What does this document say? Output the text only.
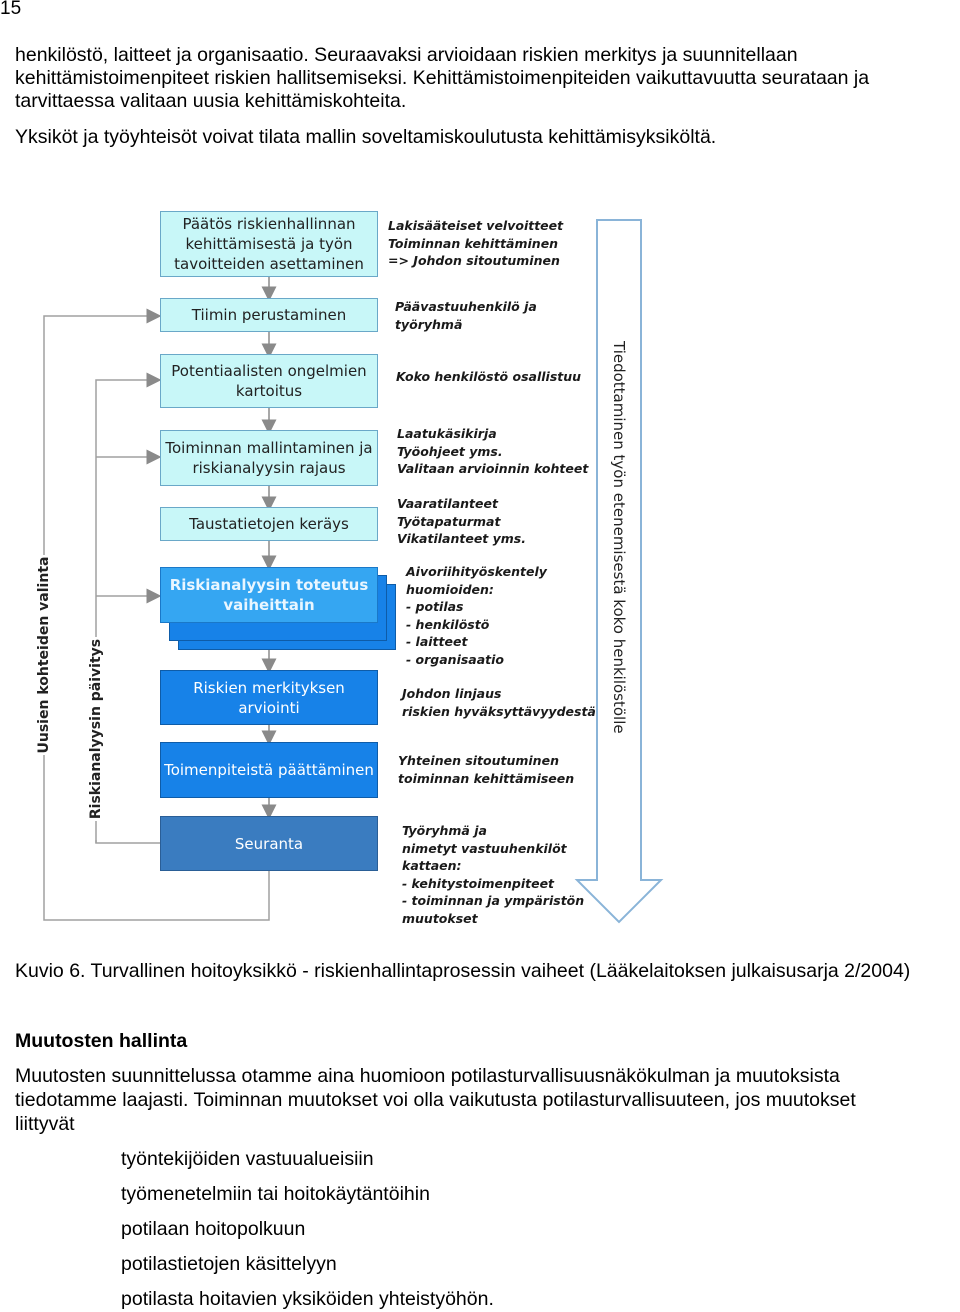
15
henkilöstö, laitteet ja organisaatio. Seuraavaksi arvioidaan riskien merkitys ja suunnitellaan
kehittämistoimenpiteet riskien hallitsemiseksi. Kehittämistoimenpiteiden vaikuttavuutta seurataan ja
tarvittaessa valitaan uusia kehittämiskohteita.
Yksiköt ja työyhteisöt voivat tilata mallin soveltamiskoulutusta kehittämisyksiköltä.
Päätös riskienhallinnan
kehittämisestä ja työn
tavoitteiden asettaminen
Tiimin perustaminen
Potentiaalisten ongelmien
kartoitus
Toiminnan mallintaminen ja
riskianalyysin rajaus
Taustatietojen keräys
Riskianalyysin toteutus
vaiheittain
Riskien merkityksen arviointi
Toimenpiteistä päättäminen
Seuranta
Lakisääteiset velvoitteet
Toiminnan kehittäminen
=> Johdon sitoutuminen
Päävastuuhenkilö ja
työryhmä
Koko henkilöstö osallistuu
Laatukäsikirja
Työohjeet yms.
Valitaan arvioinnin kohteet
Vaaratilanteet
Työtapaturmat
Vikatilanteet yms.
Aivoriihityöskentely
huomioiden:
- potilas
- henkilöstö
- laitteet
- organisaatio
Johdon linjaus
riskien hyväksyttävyydestä
Yhteinen sitoutuminen
toiminnan kehittämiseen
Työryhmä ja
nimetyt vastuuhenkilöt
kattaen:
- kehitystoimenpiteet
- toiminnan ja ympäristön
muutokset
Uusien kohteiden valinta	Riskianalyysin päivitys	Tiedottaminen työn etenemisestä koko henkilöstölle
Kuvio 6. Turvallinen hoitoyksikkö - riskienhallintaprosessin vaiheet (Lääkelaitoksen julkaisusarja 2/2004)
Muutosten hallinta
Muutosten suunnittelussa otamme aina huomioon potilasturvallisuusnäkökulman ja muutoksista
tiedotamme laajasti. Toiminnan muutokset voi olla vaikutusta potilasturvallisuuteen, jos muutokset
liittyvät
työntekijöiden vastuualueisiin
työmenetelmiin tai hoitokäytäntöihin
potilaan hoitopolkuun
potilastietojen käsittelyyn
potilasta hoitavien yksiköiden yhteistyöhön.
